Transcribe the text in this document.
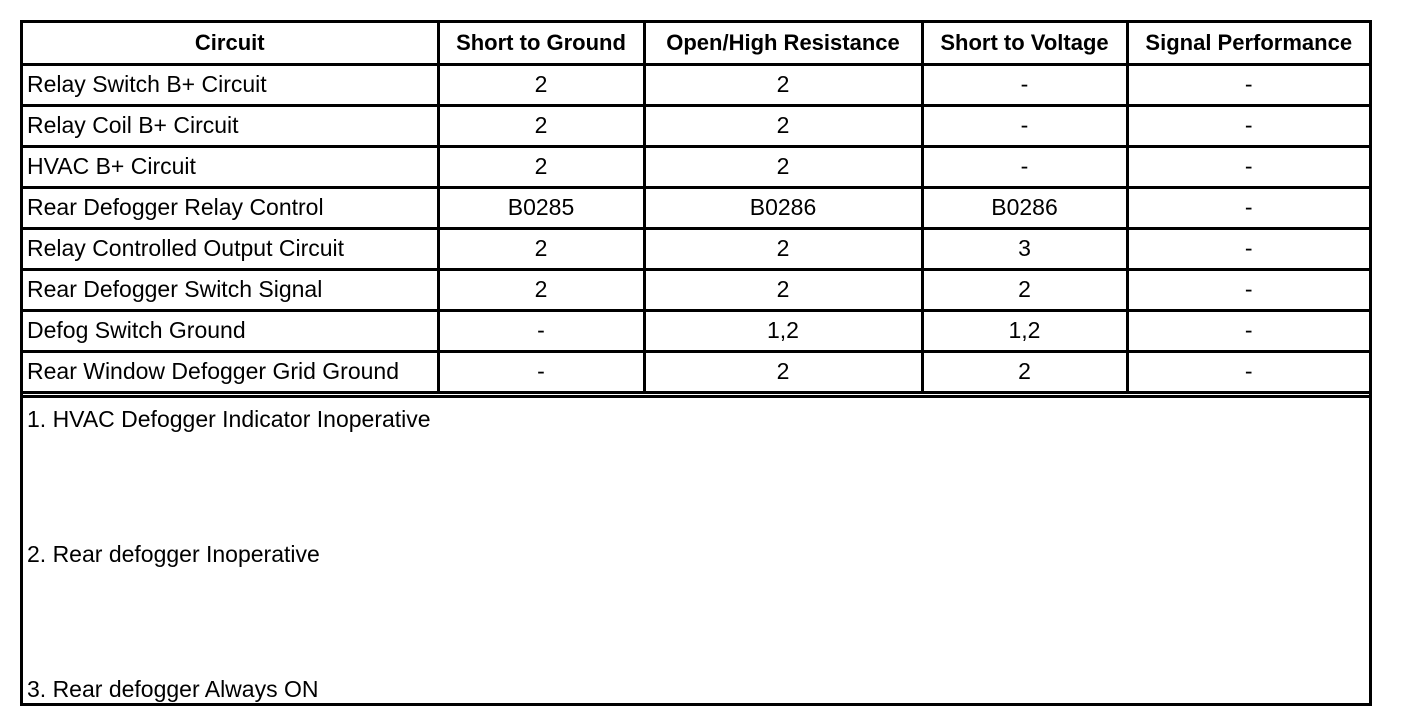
Circuit	Short to Ground	Open/High Resistance	Short to Voltage	Signal Performance
Relay Switch B+ Circuit	2	2	-	-
Relay Coil B+ Circuit	2	2	-	-
HVAC B+ Circuit	2	2	-	-
Rear Defogger Relay Control	B0285	B0286	B0286	-
Relay Controlled Output Circuit	2	2	3	-
Rear Defogger Switch Signal	2	2	2	-
Defog Switch Ground	-	1,2	1,2	-
Rear Window Defogger Grid Ground	-	2	2	-
1. HVAC Defogger Indicator Inoperative
2. Rear defogger Inoperative
3. Rear defogger Always ON
